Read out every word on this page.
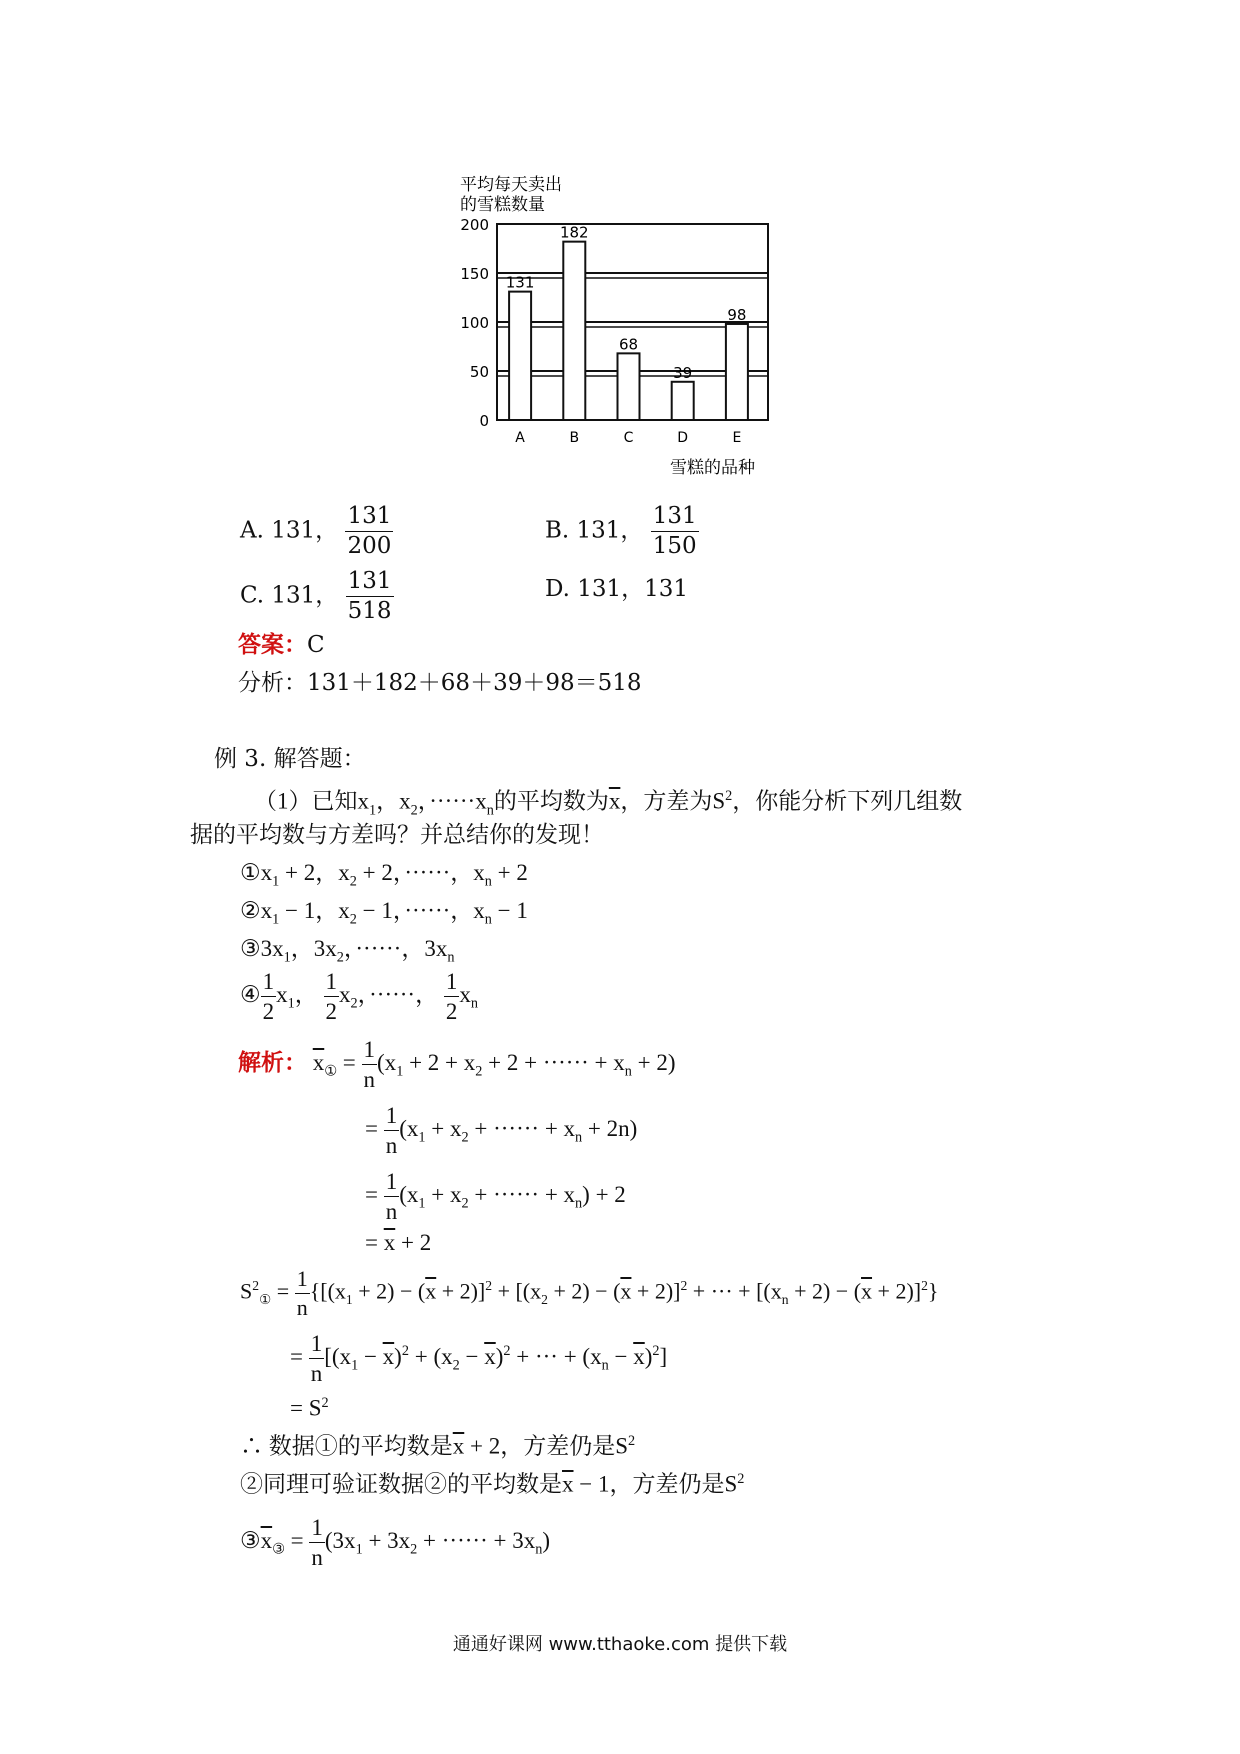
平均每天卖出
的雪糕数量
0
50
100
150
200
131
182
68
39
98
A	B	C	D	E
雪糕的品种
A. 131， $\frac{131}{200}$	B. 131， $\frac{131}{150}$
C. 131， $\frac{131}{518}$	D. 131，131
答案：C
分析：131＋182＋68＋39＋98＝518
例 3. 解答题：
（1）已知$x_1$，$x_2$，$\cdot\cdot\cdot\cdot\cdot\cdot x_n$的平均数为$\overline{x}$，方差为$S^2$，你能分析下列几组数
据的平均数与方差吗？并总结你的发现！
$①x_1 + 2$，$x_2 + 2$，······，$x_n + 2$
$②x_1 - 1$，$x_2 - 1$，······，$x_n - 1$
$③3x_1$，$3x_2$，······，$3x_n$
④ $\frac{1}{2} x_1$， $\frac{1}{2} x_2$，······， $\frac{1}{2} x_n$
解析： $\overline{x}_① = \frac{1}{n} (x_1 + 2 + x_2 + 2$ + ······ + $x_n + 2$)
= $\frac{1}{n} (x_1 + x_2$ + ······ + $x_n + 2n$)
= $\frac{1}{n} (x_1 + x_2$ + ······ + $x_n) + 2$
= $\overline{x} + 2$
$S^2_① = \frac{1}{n} \{[(x_1 + 2) - (\overline{x} + 2)]^2 + [(x_2 + 2) - (\overline{x} + 2)]^2$ + ··· + $[(x_n + 2) - (\overline{x} + 2)]^2$}
= $\frac{1}{n} [(x_1 - \overline{x})^2 + (x_2 - \overline{x})^2$ + ··· + $(x_n - \overline{x})^2$]
= $S^2$
∴ 数据①的平均数是$\overline{x} + 2$，方差仍是$S^2$
②同理可验证数据②的平均数是$\overline{x} - 1$，方差仍是$S^2$
$③\overline{x}_③ = \frac{1}{n} (3x_1 + 3x_2$ + ······ + $3x_n$)
通通好课网 www.tthaoke.com 提供下载
